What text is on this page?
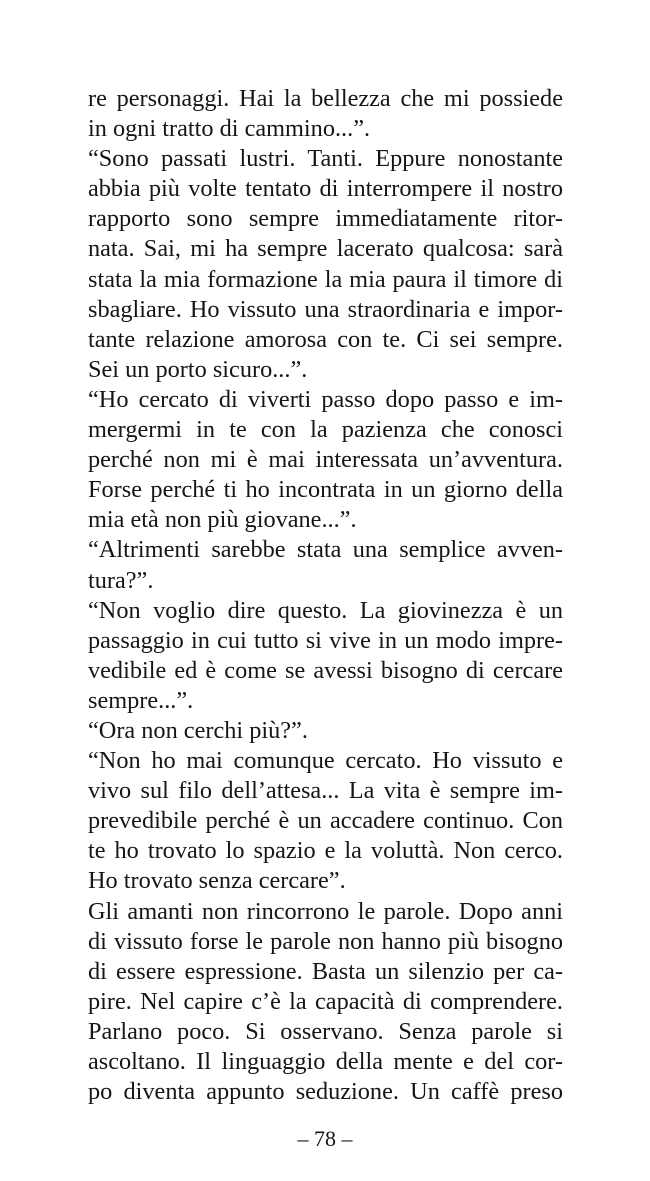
re personaggi. Hai la bellezza che mi possiede
in ogni tratto di cammino...”.
“Sono passati lustri. Tanti. Eppure nonostante
abbia più volte tentato di interrompere il nostro
rapporto sono sempre immediatamente ritor-
nata. Sai, mi ha sempre lacerato qualcosa: sarà
stata la mia formazione la mia paura il timore di
sbagliare. Ho vissuto una straordinaria e impor-
tante relazione amorosa con te. Ci sei sempre.
Sei un porto sicuro...”.
“Ho cercato di viverti passo dopo passo e im-
mergermi in te con la pazienza che conosci
perché non mi è mai interessata un’avventura.
Forse perché ti ho incontrata in un giorno della
mia età non più giovane...”.
“Altrimenti sarebbe stata una semplice avven-
tura?”.
“Non voglio dire questo. La giovinezza è un
passaggio in cui tutto si vive in un modo impre-
vedibile ed è come se avessi bisogno di cercare
sempre...”.
“Ora non cerchi più?”.
“Non ho mai comunque cercato. Ho vissuto e
vivo sul filo dell’attesa... La vita è sempre im-
prevedibile perché è un accadere continuo. Con
te ho trovato lo spazio e la voluttà. Non cerco.
Ho trovato senza cercare”.
Gli amanti non rincorrono le parole. Dopo anni
di vissuto forse le parole non hanno più bisogno
di essere espressione. Basta un silenzio per ca-
pire. Nel capire c’è la capacità di comprendere.
Parlano poco. Si osservano. Senza parole si
ascoltano. Il linguaggio della mente e del cor-
po diventa appunto seduzione. Un caffè preso
– 78 –
